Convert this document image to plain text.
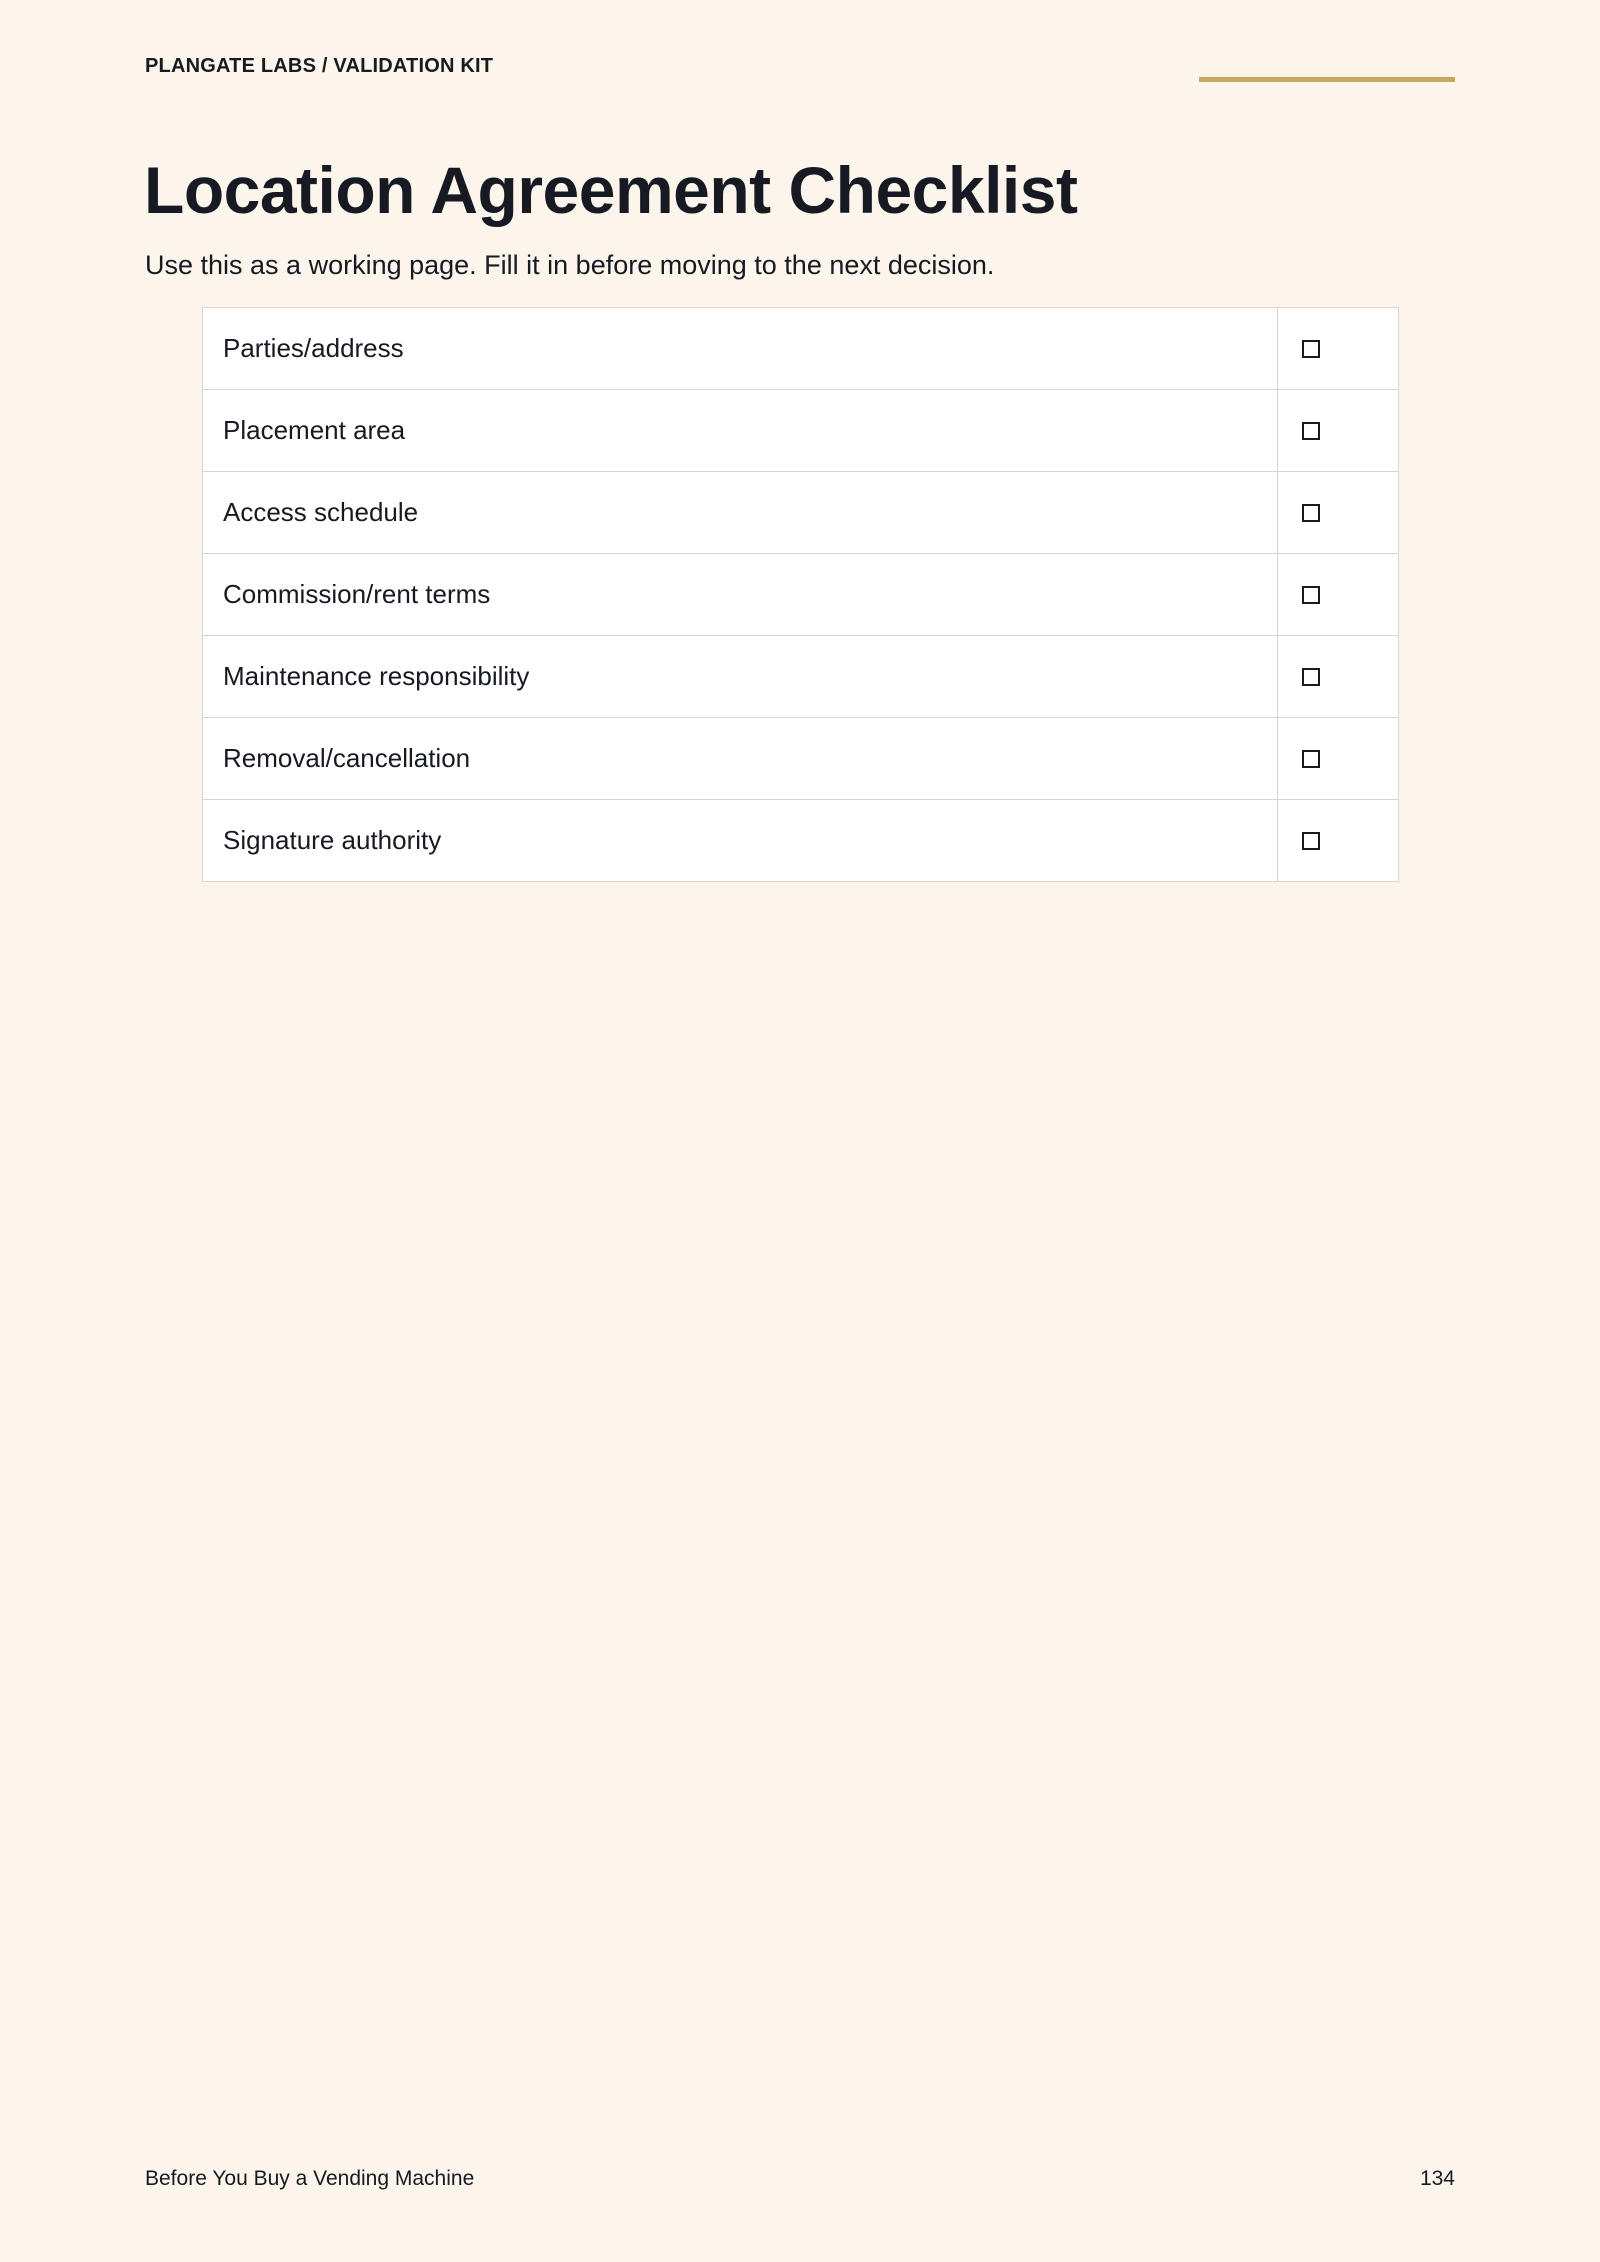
PLANGATE LABS / VALIDATION KIT
Location Agreement Checklist
Use this as a working page. Fill it in before moving to the next decision.
Parties/address	

Placement area	

Access schedule	

Commission/rent terms	

Maintenance responsibility	

Removal/cancellation	

Signature authority	
Before You Buy a Vending Machine	134
